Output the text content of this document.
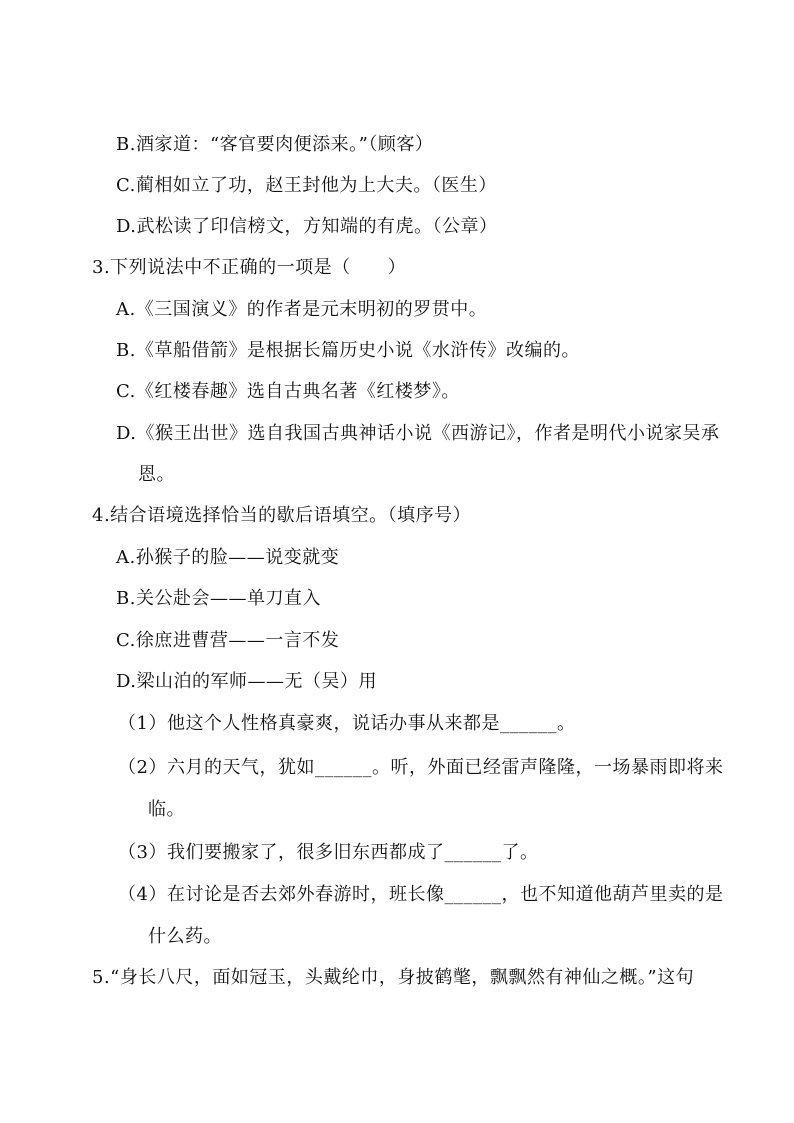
B.酒家道：“客官要肉便添来。”（顾客）
C.蔺相如立了功，赵王封他为上大夫。（医生）
D.武松读了印信榜文，方知端的有虎。（公章）
3.下列说法中不正确的一项是（　　）
A.《三国演义》的作者是元末明初的罗贯中。
B.《草船借箭》是根据长篇历史小说《水浒传》改编的。
C.《红楼春趣》选自古典名著《红楼梦》。
D.《猴王出世》选自我国古典神话小说《西游记》，作者是明代小说家吴承
恩。
4.结合语境选择恰当的歇后语填空。（填序号）
A.孙猴子的脸——说变就变
B.关公赴会——单刀直入
C.徐庶进曹营——一言不发
D.梁山泊的军师——无（吴）用
（1）他这个人性格真豪爽，说话办事从来都是______。
（2）六月的天气，犹如______。听，外面已经雷声隆隆，一场暴雨即将来
临。
（3）我们要搬家了，很多旧东西都成了______了。
（4）在讨论是否去郊外春游时，班长像______，也不知道他葫芦里卖的是
什么药。
5.“身长八尺，面如冠玉，头戴纶巾，身披鹤氅，飘飘然有神仙之概。”这句
